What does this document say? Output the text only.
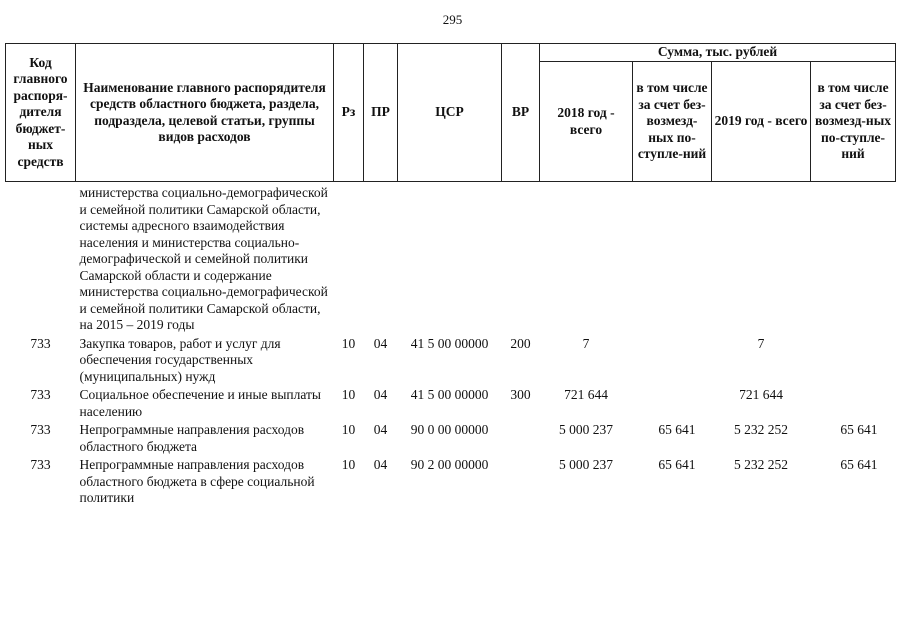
295
Код главного распоря-дителя бюджет-ных средств	Наименование главного распорядителя средств областного бюджета, раздела, подраздела, целевой статьи, группы видов расходов	Рз	ПР	ЦСР	ВР	Сумма, тыс. рублей			
						2018 год - всего	в том числе за счет без-возмезд-ных по-ступле-ний	2019 год - всего	в том числе за счет без-возмезд-ных по-ступле-ний
	министерства социально-демографической и семейной политики Самарской области, системы адресного взаимодействия населения и министерства социально-демографической и семейной политики Самарской области и содержание министерства социально-демографической и семейной политики Самарской области, на 2015 – 2019 годы								
733	Закупка товаров, работ и услуг для обеспечения государственных (муниципальных) нужд	10	04	41 5 00 00000	200	7		7	
733	Социальное обеспечение и иные выплаты населению	10	04	41 5 00 00000	300	721 644		721 644	
733	Непрограммные направления расходов областного бюджета	10	04	90 0 00 00000		5 000 237	65 641	5 232 252	65 641
733	Непрограммные направления расходов областного бюджета в сфере социальной политики	10	04	90 2 00 00000		5 000 237	65 641	5 232 252	65 641
